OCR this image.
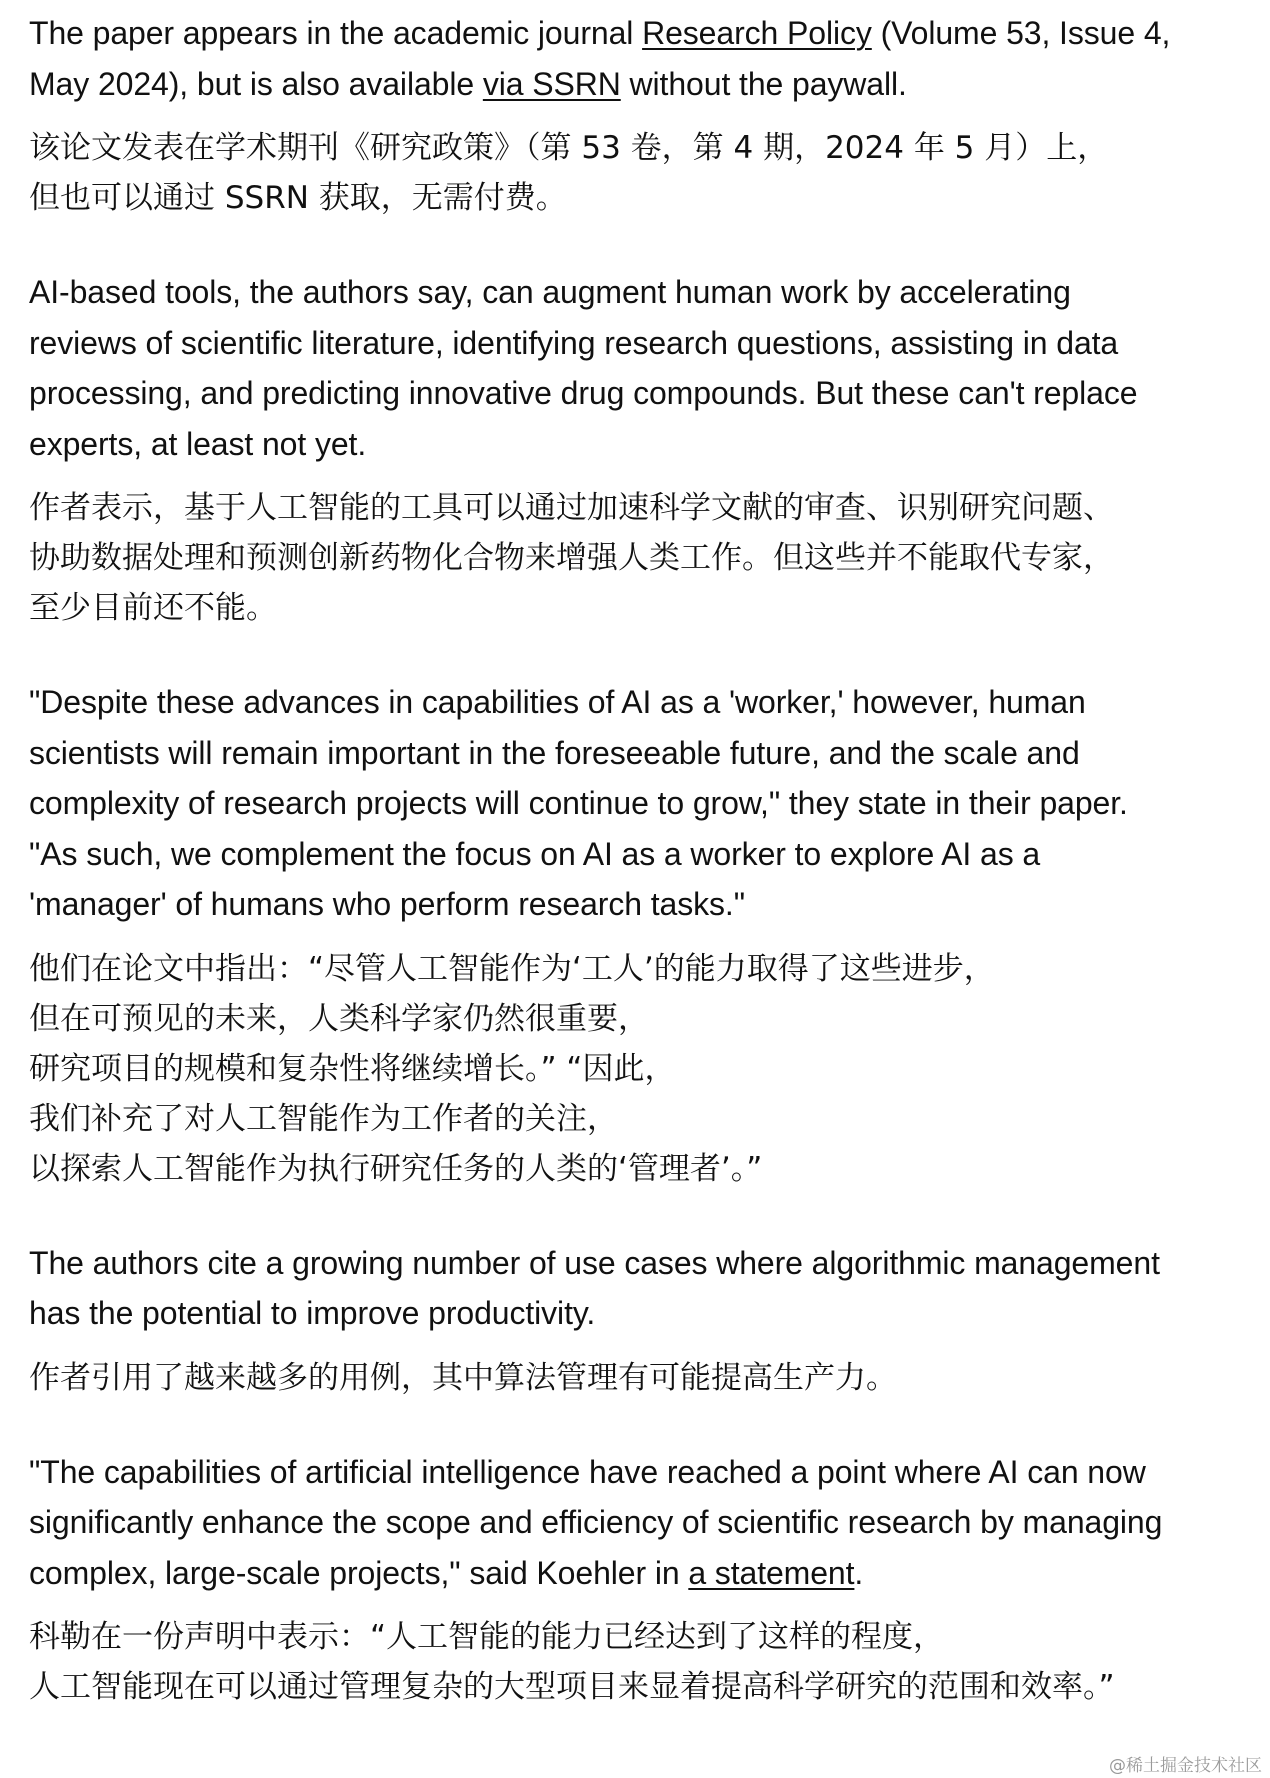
The paper appears in the academic journal Research Policy (Volume 53, Issue 4,
May 2024), but is also available via SSRN without the paywall.

该论文发表在学术期刊《研究政策》（第 53 卷，第 4 期，2024 年 5 月）上，
但也可以通过 SSRN 获取，无需付费。

AI-based tools, the authors say, can augment human work by accelerating
reviews of scientific literature, identifying research questions, assisting in data
processing, and predicting innovative drug compounds. But these can't replace
experts, at least not yet.

作者表示，基于人工智能的工具可以通过加速科学文献的审查、识别研究问题、
协助数据处理和预测创新药物化合物来增强人类工作。但这些并不能取代专家，
至少目前还不能。

"Despite these advances in capabilities of AI as a 'worker,' however, human
scientists will remain important in the foreseeable future, and the scale and
complexity of research projects will continue to grow," they state in their paper.
"As such, we complement the focus on AI as a worker to explore AI as a
'manager' of humans who perform research tasks."

他们在论文中指出：“尽管人工智能作为‘工人’的能力取得了这些进步，
但在可预见的未来，人类科学家仍然很重要，
研究项目的规模和复杂性将继续增长。” “因此，
我们补充了对人工智能作为工作者的关注，
以探索人工智能作为执行研究任务的人类的‘管理者’。”

The authors cite a growing number of use cases where algorithmic management
has the potential to improve productivity.

作者引用了越来越多的用例，其中算法管理有可能提高生产力。

"The capabilities of artificial intelligence have reached a point where AI can now
significantly enhance the scope and efficiency of scientific research by managing
complex, large-scale projects," said Koehler in a statement.

科勒在一份声明中表示：“人工智能的能力已经达到了这样的程度，
人工智能现在可以通过管理复杂的大型项目来显着提高科学研究的范围和效率。”

@稀土掘金技术社区
